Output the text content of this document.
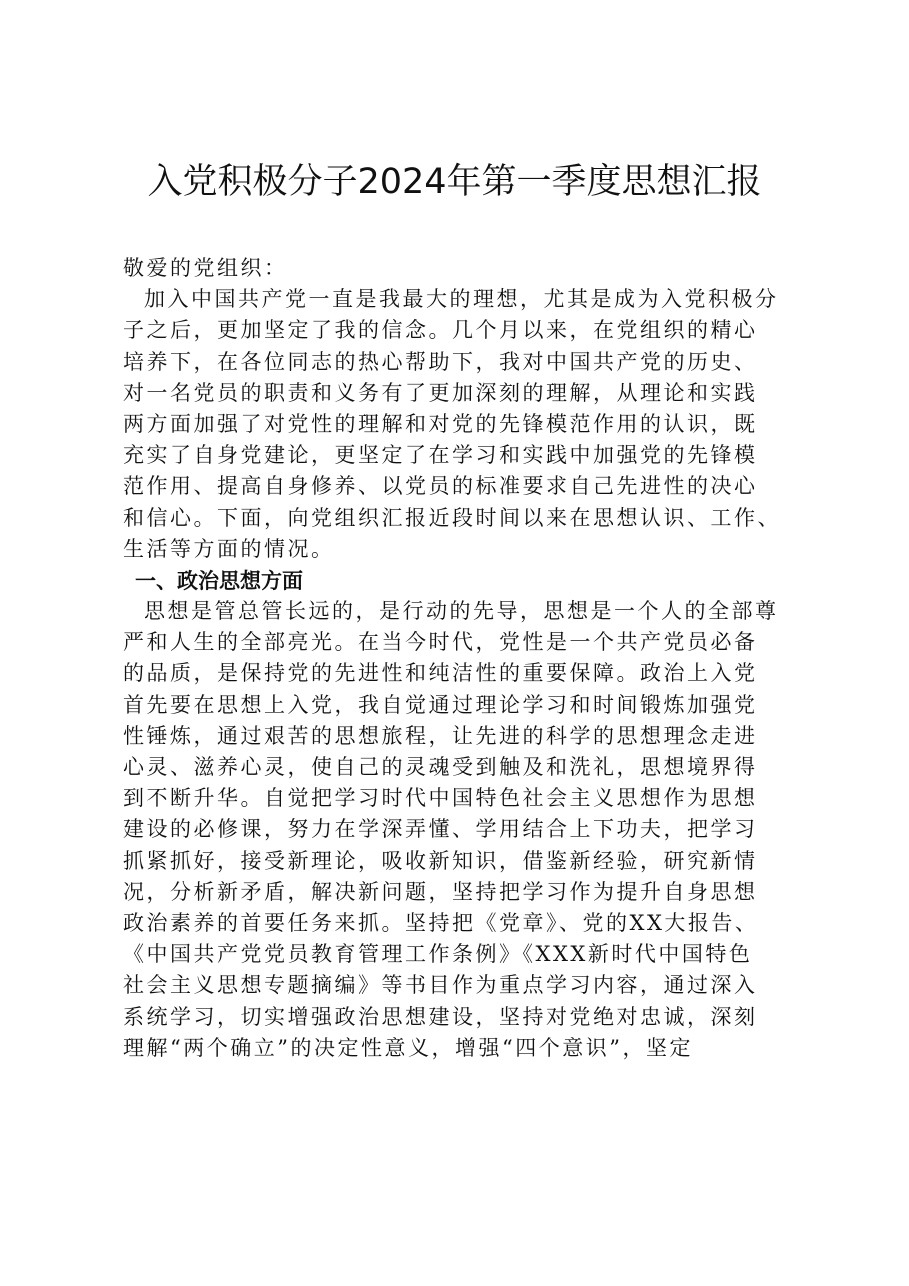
入党积极分子2024年第一季度思想汇报
敬爱的党组织：
加入中国共产党一直是我最大的理想，尤其是成为入党积极分
子之后，更加坚定了我的信念。几个月以来，在党组织的精心
培养下，在各位同志的热心帮助下，我对中国共产党的历史、
对一名党员的职责和义务有了更加深刻的理解，从理论和实践
两方面加强了对党性的理解和对党的先锋模范作用的认识，既
充实了自身党建论，更坚定了在学习和实践中加强党的先锋模
范作用、提高自身修养、以党员的标准要求自己先进性的决心
和信心。下面，向党组织汇报近段时间以来在思想认识、工作、
生活等方面的情况。
一、政治思想方面
思想是管总管长远的，是行动的先导，思想是一个人的全部尊
严和人生的全部亮光。在当今时代，党性是一个共产党员必备
的品质，是保持党的先进性和纯洁性的重要保障。政治上入党
首先要在思想上入党，我自觉通过理论学习和时间锻炼加强党
性锤炼，通过艰苦的思想旅程，让先进的科学的思想理念走进
心灵、滋养心灵，使自己的灵魂受到触及和洗礼，思想境界得
到不断升华。自觉把学习时代中国特色社会主义思想作为思想
建设的必修课，努力在学深弄懂、学用结合上下功夫，把学习
抓紧抓好，接受新理论，吸收新知识，借鉴新经验，研究新情
况，分析新矛盾，解决新问题，坚持把学习作为提升自身思想
政治素养的首要任务来抓。坚持把《党章》、党的XX大报告、
《中国共产党党员教育管理工作条例》《XXX新时代中国特色
社会主义思想专题摘编》等书目作为重点学习内容，通过深入
系统学习，切实增强政治思想建设，坚持对党绝对忠诚，深刻
理解“两个确立”的决定性意义，增强“四个意识”，坚定
